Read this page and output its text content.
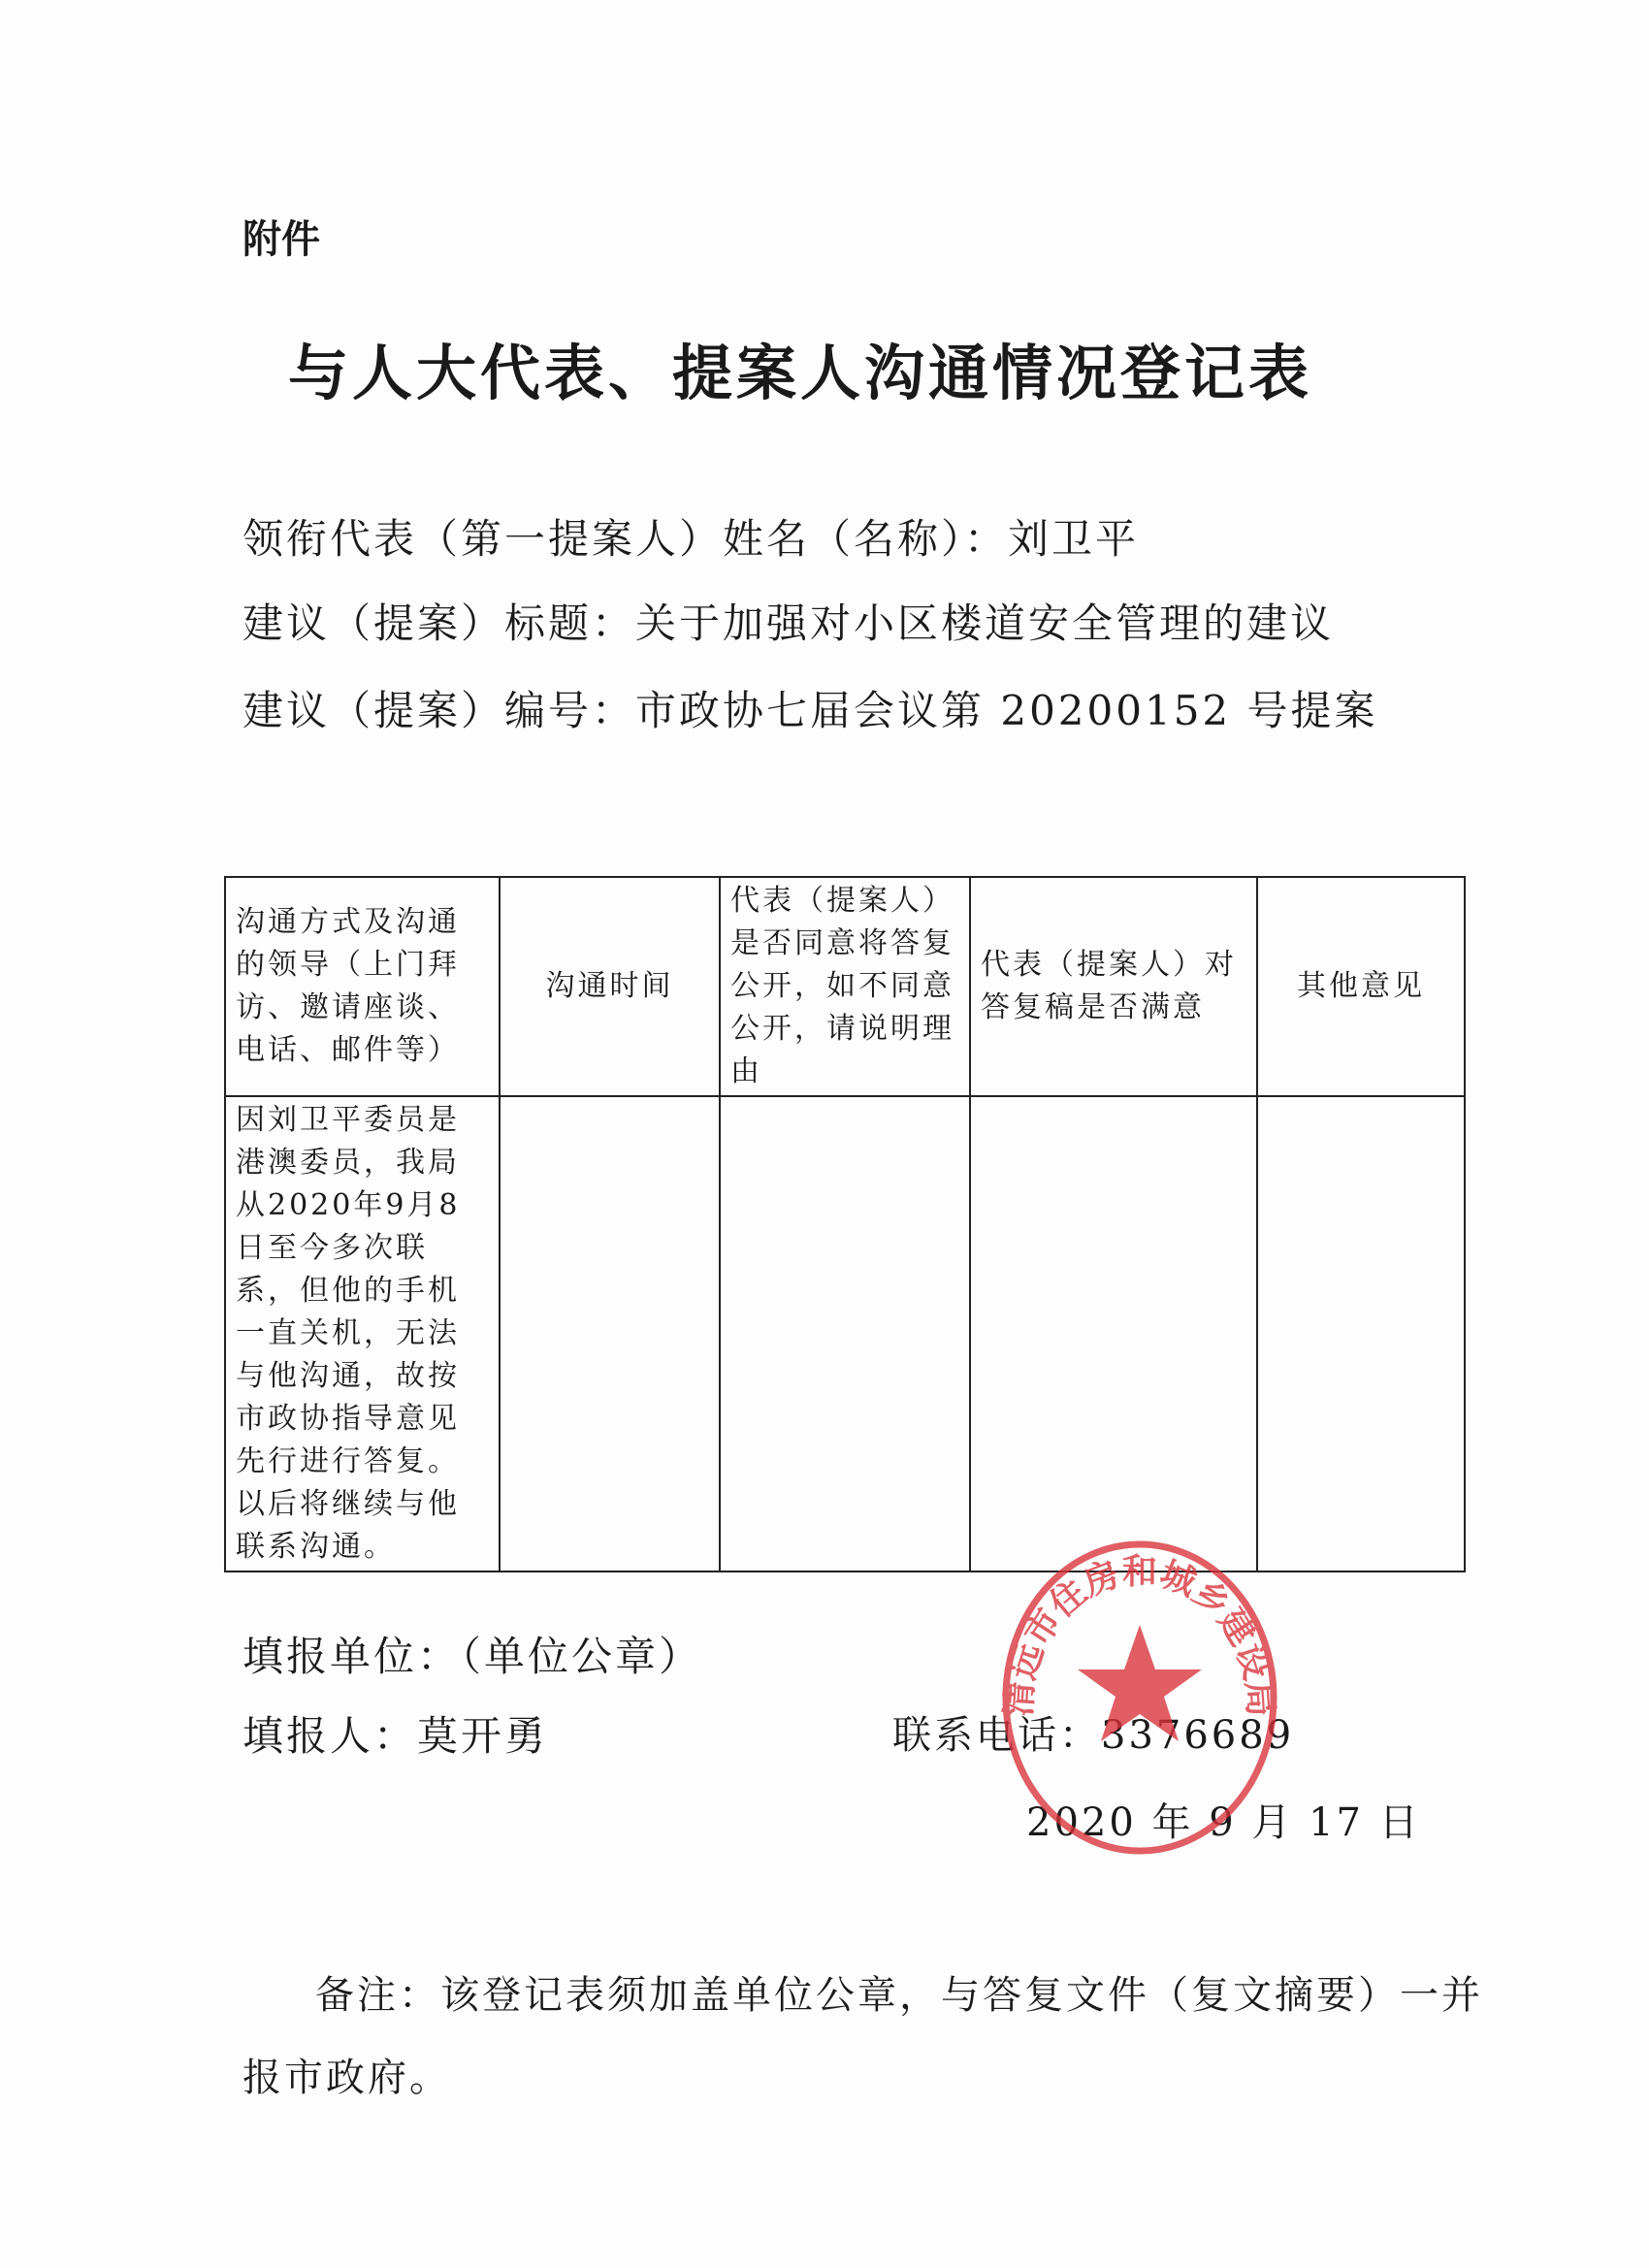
附件
与人大代表、提案人沟通情况登记表
领衔代表（第一提案人）姓名（名称）：刘卫平
建议（提案）标题：关于加强对小区楼道安全管理的建议
建议（提案）编号：市政协七届会议第 20200152 号提案
沟通方式及沟通的领导（上门拜访、邀请座谈、电话、邮件等）	沟通时间	代表（提案人）是否同意将答复公开，如不同意公开，请说明理由	代表（提案人）对答复稿是否满意	其他意见
因刘卫平委员是港澳委员，我局从2020年9月8日至今多次联系，但他的手机一直关机，无法与他沟通，故按市政协指导意见先行进行答复。以后将继续与他联系沟通。				
填报单位：（单位公章）
填报人：莫开勇	联系电话：3376689
2020 年 9 月 17 日
清远市住房和城乡建设局
备注：该登记表须加盖单位公章，与答复文件（复文摘要）一并
报市政府。
